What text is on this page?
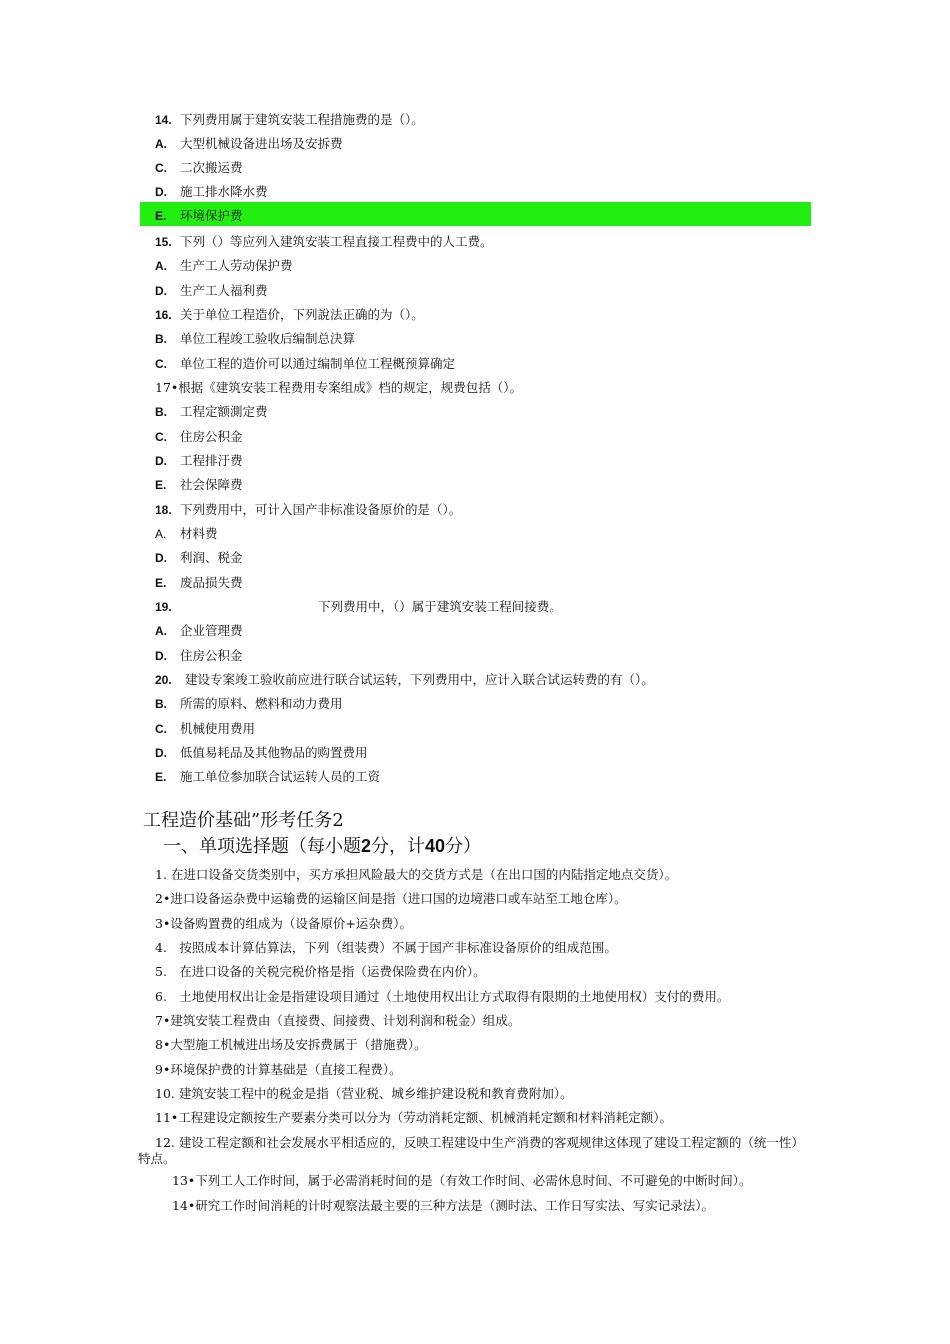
14. 下列费用属于建筑安装工程措施费的是（）。
A. 大型机械设备进出场及安拆费
C. 二次搬运费
D. 施工排水降水费
E. 环境保护费
15. 下列（）等应列入建筑安装工程直接工程费中的人工费。
A. 生产工人劳动保护费
D. 生产工人福利费
16. 关于单位工程造价，下列說法正确的为（）。
B. 单位工程竣工验收后编制总決算
C. 单位工程的造价可以通过编制单位工程概预算确定
17•根据《建筑安装工程费用专案组成》档的规定，规费包括（）。
B. 工程定额測定费
C. 住房公积金
D. 工程排汙费
E. 社会保障费
18. 下列费用中，可计入国产非标准设备原价的是（）。
A. 材料费
D. 利润、税金
E. 废品损失费
19.	下列费用中，（）属于建筑安装工程间接费。
A. 企业管理费
D. 住房公积金
20. 建设专案竣工验收前应进行联合试运转，下列费用中，应计入联合试运转费的有（）。
B. 所需的原料、燃料和动力费用
C. 机械使用费用
D. 低值易耗品及其他物品的购置费用
E. 施工单位参加联合试运转人员的工资
工程造价基础”形考任务2
一、单项选择题（每小题2分，计40分）
1. 在进口设备交货类别中，买方承担风险最大的交货方式是（在出口国的内陆指定地点交货）。
2•进口设备运杂费中运输费的运输区间是指（进口国的边境港口或车站至工地仓库）。
3•设备购置费的组成为（设备原价+运杂费）。
4.　按照成本计算估算法，下列（组装费）不属于国产非标准设备原价的组成范围。
5.　在进口设备的关税完税价格是指（运费保险费在内价）。
6.　土地使用权出让金是指建设项目通过（土地使用权出让方式取得有限期的土地使用权）支付的费用。
7•建筑安装工程费由（直接费、间接费、计划利润和税金）组成。
8•大型施工机械进出场及安拆费属于（措施费）。
9•环境保护费的计算基础是（直接工程费）。
10. 建筑安装工程中的税金是指（营业税、城乡维护建设税和教育费附加）。
11•工程建设定额按生产要素分类可以分为（劳动消耗定额、机械消耗定额和材料消耗定额）。
12. 建设工程定额和社会发展水平相适应的，反映工程建设中生产消费的客观规律这体现了建设工程定额的（统一性）特点。
13•下列工人工作时间，属于必需消耗时间的是（有效工作时间、必需休息时间、不可避免的中断时间）。
14•研究工作时间消耗的计时观察法最主要的三种方法是（测时法、工作日写实法、写实记录法）。
